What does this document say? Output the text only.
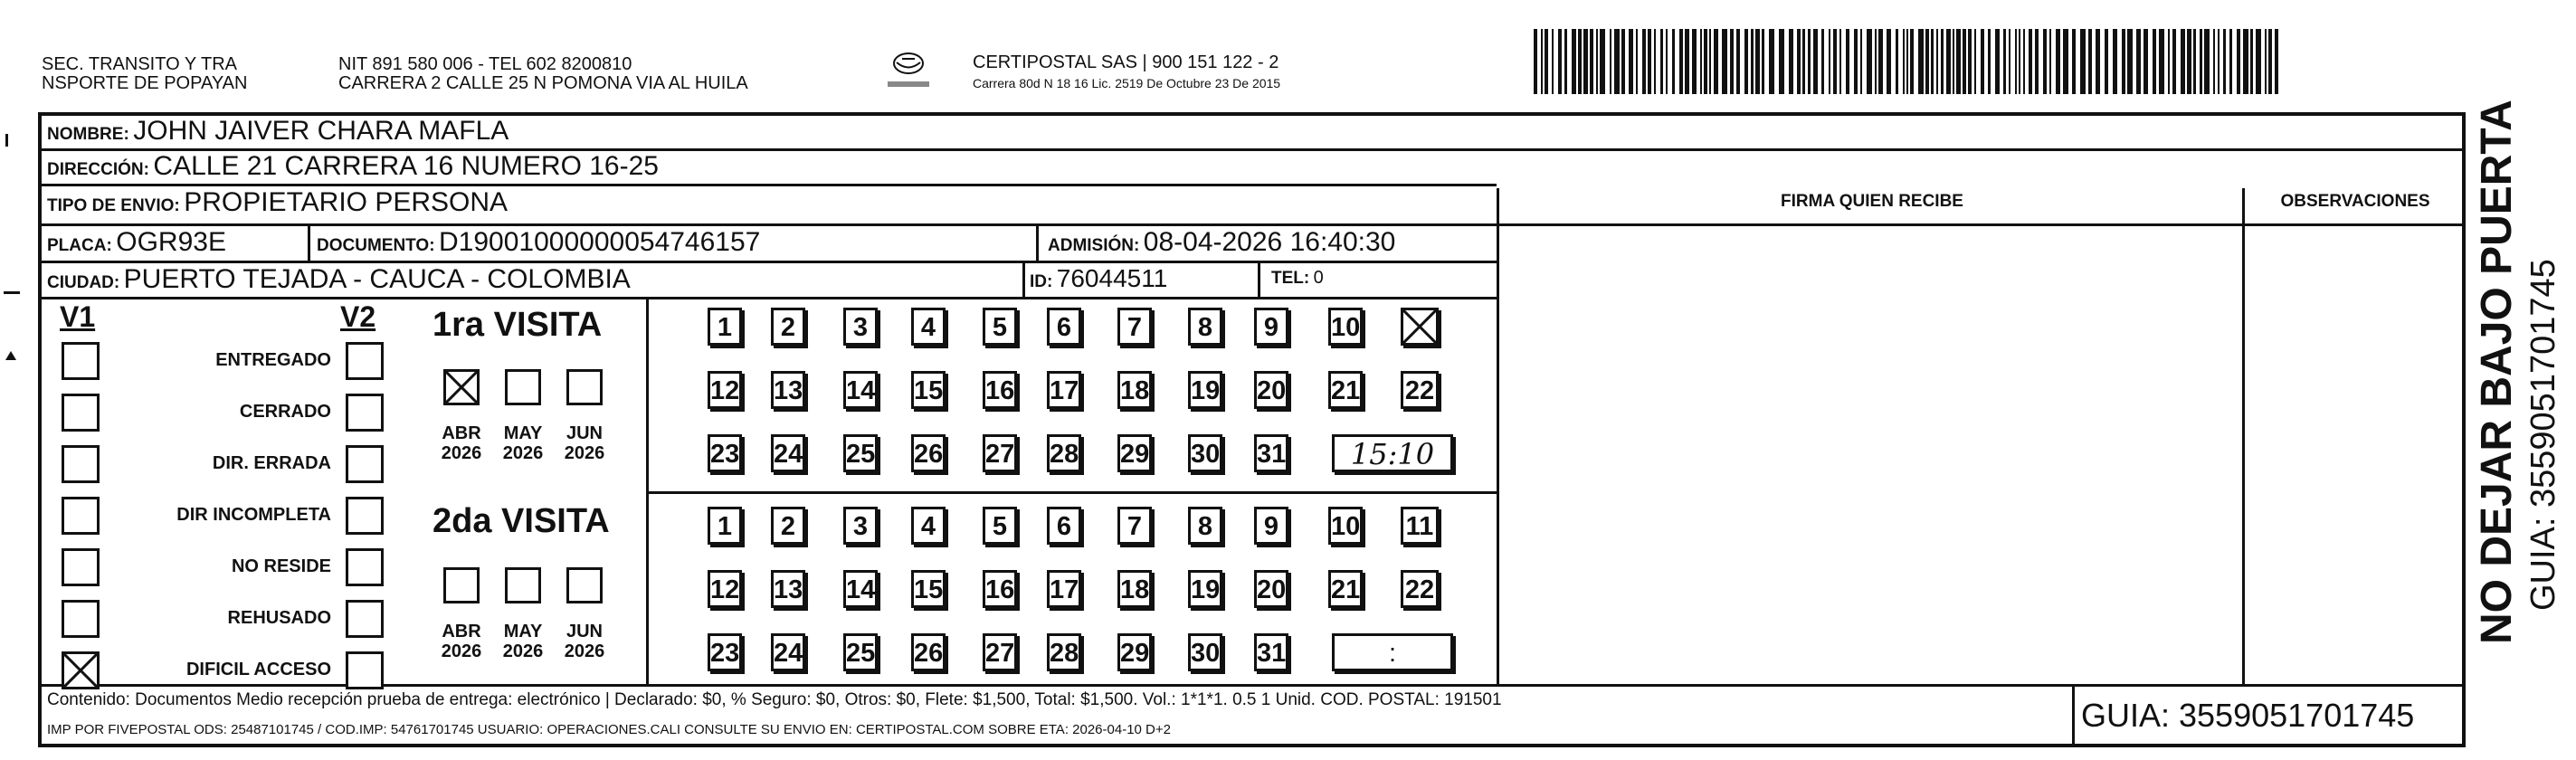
SEC. TRANSITO Y TRA
NSPORTE DE POPAYAN
NIT 891 580 006 - TEL 602 8200810
CARRERA 2 CALLE 25 N POMONA VIA AL HUILA
CERTIPOSTAL SAS | 900 151 122 - 2
Carrera 80d N 18 16 Lic. 2519 De Octubre 23 De 2015
NOMBRE: JOHN JAIVER CHARA MAFLA
DIRECCIÓN: CALLE 21 CARRERA 16 NUMERO 16-25
TIPO DE ENVIO: PROPIETARIO PERSONA	FIRMA QUIEN RECIBE	OBSERVACIONES
PLACA: OGR93E	DOCUMENTO: D19001000000054746157	ADMISIÓN: 08-04-2026 16:40:30
CIUDAD: PUERTO TEJADA - CAUCA - COLOMBIA	ID: 76044511	TEL: 0
V1	V2
ENTREGADO
CERRADO
DIR. ERRADA
DIR INCOMPLETA
NO RESIDE
REHUSADO
DIFICIL ACCESO
1ra VISITA
2da VISITA
ABR
2026
MAY
2026
JUN
2026
1	2	3	4	5	6	7	8	9	10
12 13 14 15 16 17 18 19 20 21 22
23 24 25 26 27 28 29 30 31	15:10
ABR
2026
MAY
2026
JUN
2026
1	2	3	4	5	6	7	8	9	10 11
12 13 14 15 16 17 18 19 20 21 22
23 24 25 26 27 28 29 30 31	:
Contenido: Documentos Medio recepción prueba de entrega: electrónico | Declarado: $0, % Seguro: $0, Otros: $0, Flete: $1,500, Total: $1,500. Vol.: 1*1*1. 0.5 1 Unid. COD. POSTAL: 191501
IMP POR FIVEPOSTAL ODS: 25487101745 / COD.IMP: 54761701745 USUARIO: OPERACIONES.CALI CONSULTE SU ENVIO EN: CERTIPOSTAL.COM SOBRE ETA: 2026-04-10 D+2	GUIA: 3559051701745
NO DEJAR BAJO PUERTA GUIA: 3559051701745
